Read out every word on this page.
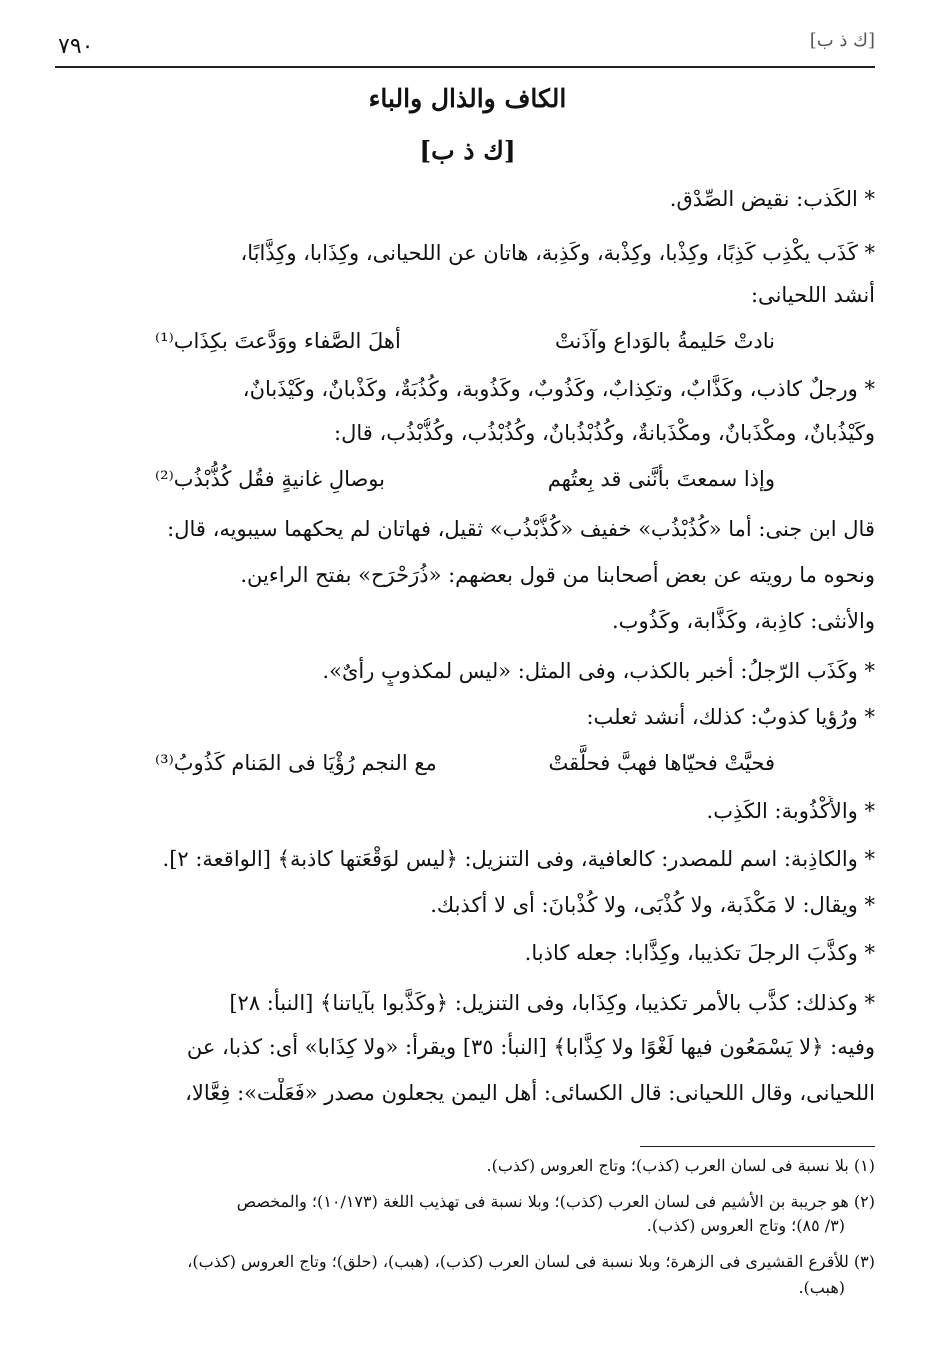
٧٩٠	[ك ذ ب]
الكاف والذال والباء
[ك ذ ب]
* الكَذب: نقيض الصِّدْق.
* كَذَب يكْذِب كَذِبًا، وكِذْبا، وكِذْبة، وكَذِبة، هاتان عن اللحيانى، وكِذَابا، وكِذَّابًا،
أنشد اللحيانى:
نادتْ حَليمةُ بالوَداع وآذَنتْ
أهلَ الصَّفاء ووَدَّعتَ بكِذَاب⁽¹⁾
* ورجلٌ كاذب، وكَذَّابٌ، وتكِذابٌ، وكَذُوبٌ، وكَذُوبة، وكُذُبَةٌ، وكَذْبانٌ، وكَيْذَبانٌ،
وكَيْذُبانٌ، ومكْذَبانٌ، ومكْذَبانةٌ، وكُذُبْذُبانٌ، وكُذُبْذُب، وكُذُّبْذُب، قال:
وإذا سمعتَ بأنَّنى قد بِعتُهم
بوصالِ غانيةٍ فقُل كُذُّبْذُب⁽²⁾
قال ابن جنى: أما «كُذُبْذُب» خفيف «كُذُّبْذُب» ثقيل، فهاتان لم يحكهما سيبويه، قال:
ونحوه ما رويته عن بعض أصحابنا من قول بعضهم: «ذُرَحْرَح» بفتح الراءين.
والأنثى: كاذِبة، وكَذَّابة، وكَذُوب.
* وكَذَب الرّجلُ: أخبر بالكذب، وفى المثل: «ليس لمكذوبٍ رأىٌ».
* ورُؤيا كذوبٌ: كذلك، أنشد ثعلب:
فحيَّتْ فحيّاها فهبَّ فحلَّقتْ
مع النجم رُؤْيَا فى المَنام كَذُوبُ⁽³⁾
* والأُكْذُوبة: الكَذِب.
* والكاذِبة: اسم للمصدر: كالعافية، وفى التنزيل: ﴿ليس لوَقْعَتها كاذبة﴾ [الواقعة: ٢].
* ويقال: لا مَكْذَبة، ولا كُذْبَى، ولا كُذْبانَ: أى لا أكذبك.
* وكذَّبَ الرجلَ تكذيبا، وكِذَّابا: جعله كاذبا.
* وكذلك: كذَّب بالأمر تكذيبا، وكِذَابا، وفى التنزيل: ﴿وكَذَّبوا بآياتنا﴾ [النبأ: ٢٨]
وفيه: ﴿لا يَسْمَعُون فيها لَغْوًا ولا كِذَّابا﴾ [النبأ: ٣٥] ويقرأ: «ولا كِذَابا» أى: كذبا، عن
اللحيانى، وقال اللحيانى: قال الكسائى: أهل اليمن يجعلون مصدر «فَعَلْت»: فِعَّالا،
(١) بلا نسبة فى لسان العرب (كذب)؛ وتاج العروس (كذب).
(٢) هو جريبة بن الأشيم فى لسان العرب (كذب)؛ وبلا نسبة فى تهذيب اللغة (١٠/١٧٣)؛ والمخصص
(٣/ ٨٥)؛ وتاج العروس (كذب).
(٣) للأقرع القشيرى فى الزهرة؛ وبلا نسبة فى لسان العرب (كذب)، (هبب)، (حلق)؛ وتاج العروس (كذب)،
(هبب).
